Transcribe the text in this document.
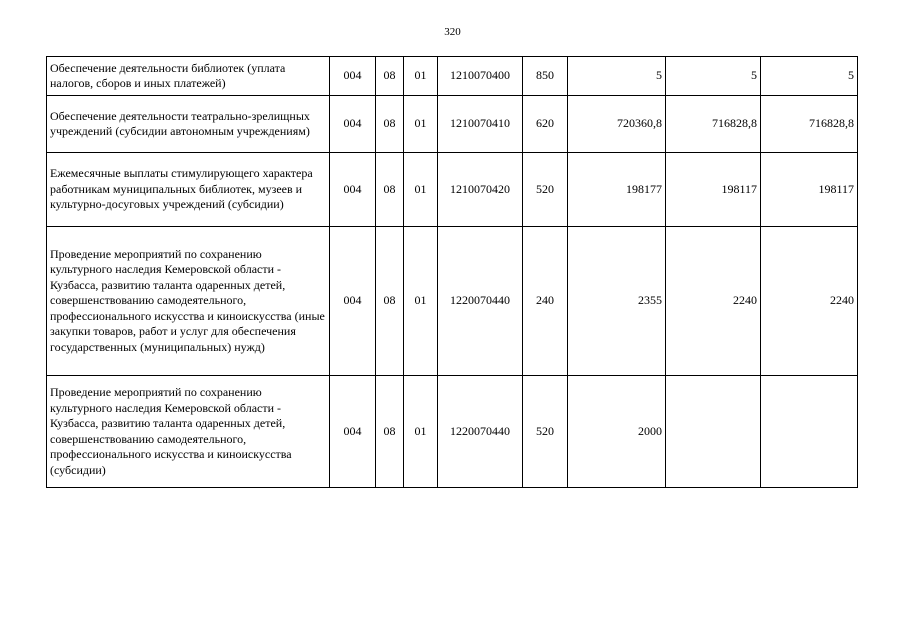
320
Обеспечение деятельности библиотек (уплата налогов, сборов и иных платежей)	004	08	01	1210070400	850	5	5	5
Обеспечение деятельности театрально-зрелищных учреждений (субсидии автономным учреждениям)	004	08	01	1210070410	620	720360,8	716828,8	716828,8
Ежемесячные выплаты стимулирующего характера работникам муниципальных библиотек, музеев и культурно-досуговых учреждений (субсидии)	004	08	01	1210070420	520	198177	198117	198117
Проведение мероприятий по сохранению культурного наследия Кемеровской области - Кузбасса, развитию таланта одаренных детей, совершенствованию самодеятельного, профессионального искусства и киноискусства (иные закупки товаров, работ и услуг для обеспечения государственных (муниципальных) нужд)	004	08	01	1220070440	240	2355	2240	2240
Проведение мероприятий по сохранению культурного наследия Кемеровской области - Кузбасса, развитию таланта одаренных детей, совершенствованию самодеятельного, профессионального искусства и киноискусства (субсидии)	004	08	01	1220070440	520	2000		
